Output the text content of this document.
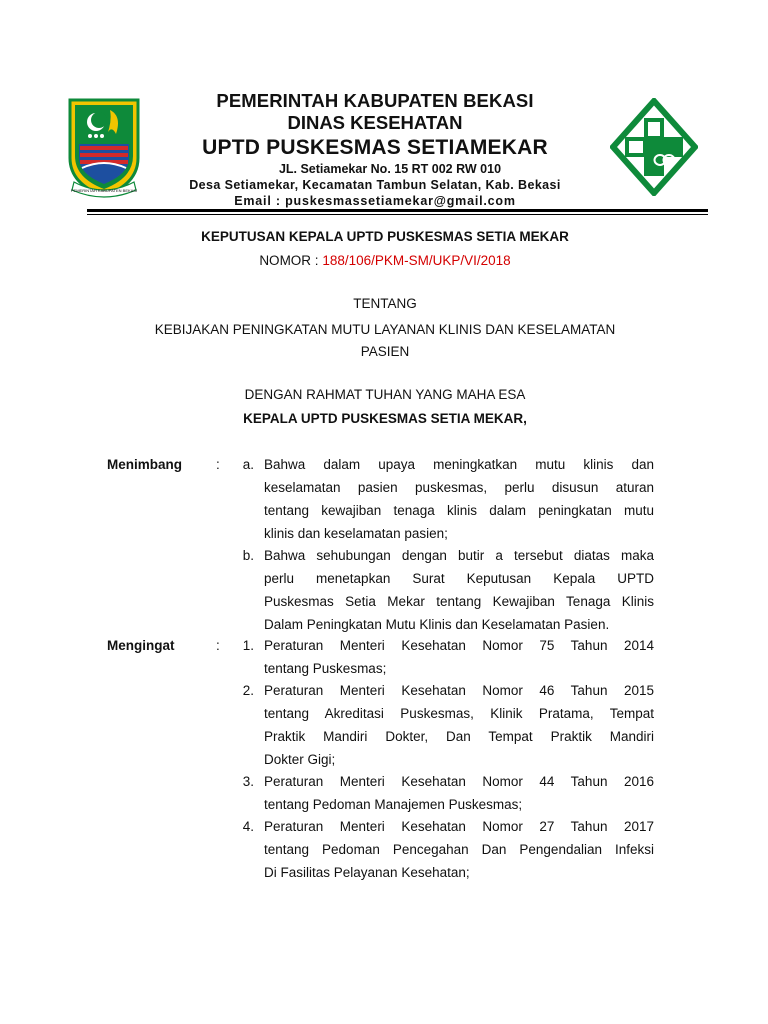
PEMERINTAH KABUPATEN BEKASI
PEMERINTAH KABUPATEN BEKASI
DINAS KESEHATAN
UPTD PUSKESMAS SETIAMEKAR
JL. Setiamekar No. 15 RT 002 RW 010
Desa Setiamekar, Kecamatan Tambun Selatan, Kab. Bekasi
Email : puskesmassetiamekar@gmail.com
KEPUTUSAN KEPALA UPTD PUSKESMAS SETIA MEKAR
NOMOR : 188/106/PKM-SM/UKP/VI/2018
TENTANG
KEBIJAKAN PENINGKATAN MUTU LAYANAN KLINIS DAN KESELAMATAN
PASIEN
DENGAN RAHMAT TUHAN YANG MAHA ESA
KEPALA UPTD PUSKESMAS SETIA MEKAR,
Menimbang	:	a. Bahwa dalam upaya meningkatkan mutu klinis dan
keselamatan pasien puskesmas, perlu disusun aturan
tentang kewajiban tenaga klinis dalam peningkatan mutu
klinis dan keselamatan pasien;
b. Bahwa sehubungan dengan butir a tersebut diatas maka
perlu menetapkan Surat Keputusan Kepala UPTD
Puskesmas Setia Mekar tentang Kewajiban Tenaga Klinis
Dalam Peningkatan Mutu Klinis dan Keselamatan Pasien.
Mengingat	:	1. Peraturan Menteri Kesehatan Nomor 75 Tahun 2014
tentang Puskesmas;
2. Peraturan Menteri Kesehatan Nomor 46 Tahun 2015
tentang Akreditasi Puskesmas, Klinik Pratama, Tempat
Praktik Mandiri Dokter, Dan Tempat Praktik Mandiri
Dokter Gigi;
3. Peraturan Menteri Kesehatan Nomor 44 Tahun 2016
tentang Pedoman Manajemen Puskesmas;
4. Peraturan Menteri Kesehatan Nomor 27 Tahun 2017
tentang Pedoman Pencegahan Dan Pengendalian Infeksi
Di Fasilitas Pelayanan Kesehatan;
